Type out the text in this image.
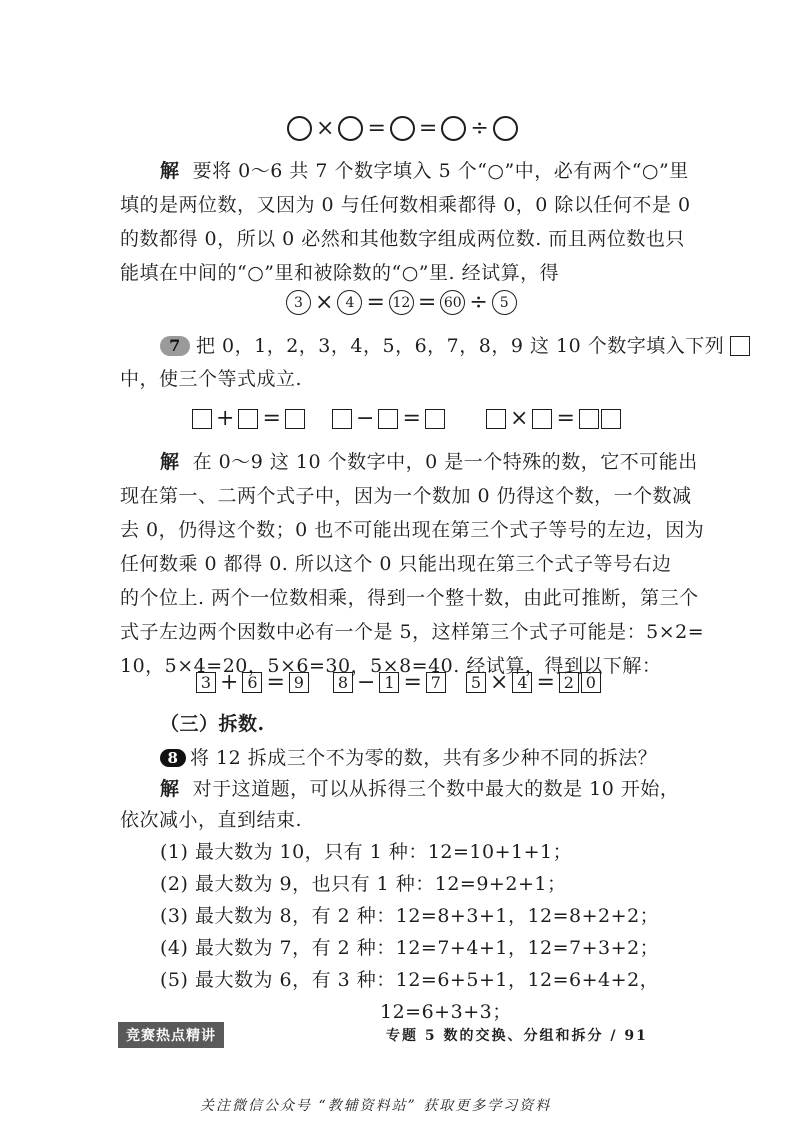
× = = ÷
解 要将 0～6 共 7 个数字填入 5 个“○”中，必有两个“○”里
填的是两位数，又因为 0 与任何数相乘都得 0，0 除以任何不是 0
的数都得 0，所以 0 必然和其他数字组成两位数. 而且两位数也只
能填在中间的“○”里和被除数的“○”里. 经试算，得
3 × 4 = 12 = 60 ÷ 5
7 把 0，1，2，3，4，5，6，7，8，9 这 10 个数字填入下列
中，使三个等式成立.
+ =	− =	× =
解 在 0～9 这 10 个数字中，0 是一个特殊的数，它不可能出
现在第一、二两个式子中，因为一个数加 0 仍得这个数，一个数减
去 0，仍得这个数；0 也不可能出现在第三个式子等号的左边，因为
任何数乘 0 都得 0. 所以这个 0 只能出现在第三个式子等号右边
的个位上. 两个一位数相乘，得到一个整十数，由此可推断，第三个
式子左边两个因数中必有一个是 5，这样第三个式子可能是：5×2=
10，5×4=20，5×6=30，5×8=40. 经试算，得到以下解：
3 + 6 = 9	8 − 1 = 7	5 × 4 = 2 0
（三）拆数.
8 将 12 拆成三个不为零的数，共有多少种不同的拆法？
解 对于这道题，可以从拆得三个数中最大的数是 10 开始，
依次减小，直到结束.
(1) 最大数为 10，只有 1 种：12=10+1+1；
(2) 最大数为 9，也只有 1 种：12=9+2+1；
(3) 最大数为 8，有 2 种：12=8+3+1，12=8+2+2；
(4) 最大数为 7，有 2 种：12=7+4+1，12=7+3+2；
(5) 最大数为 6，有 3 种：12=6+5+1，12=6+4+2，
12=6+3+3；
竞赛热点精讲	专题 5 数的交换、分组和拆分 / 91
关注微信公众号 “教辅资料站” 获取更多学习资料
